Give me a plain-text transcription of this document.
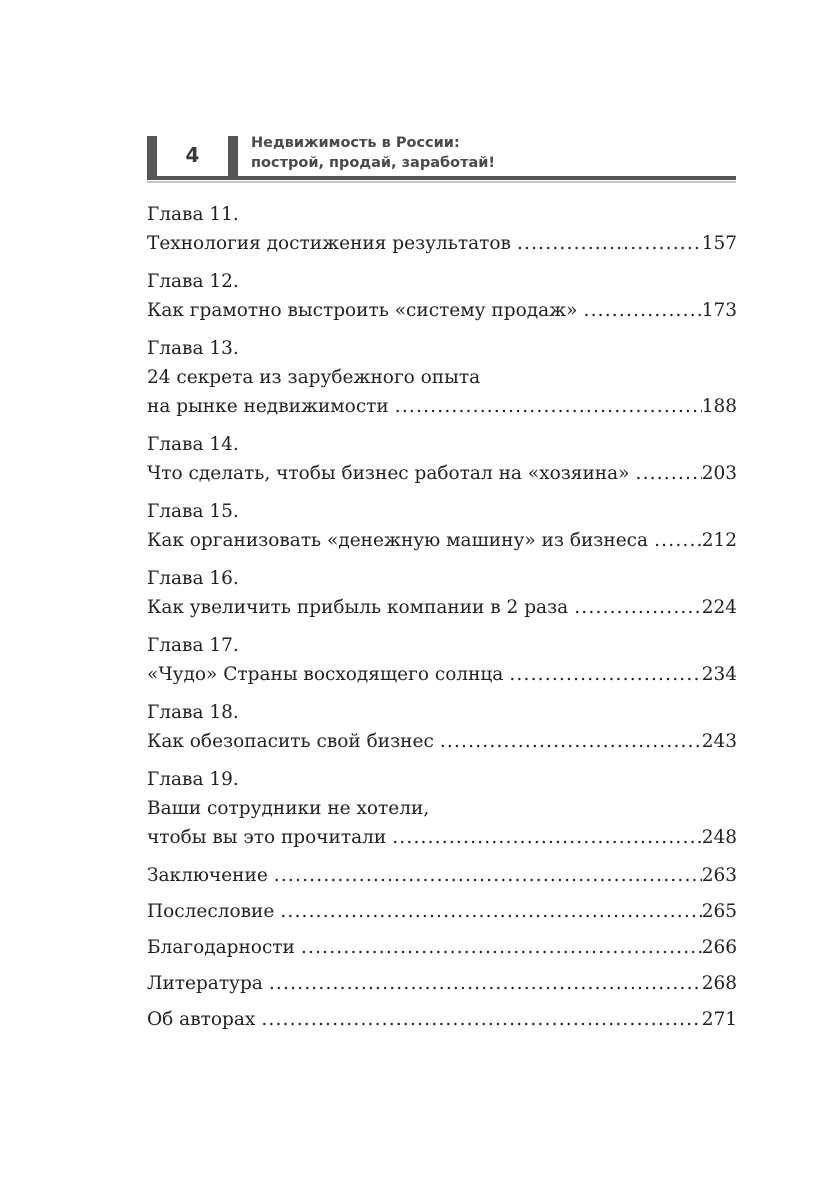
4	Недвижимость в России:
построй, продай, заработай!
Глава 11.
Технология достижения результатов .....	157
Глава 12.
Как грамотно выстроить «систему продаж» .....	173
Глава 13.
24 секрета из зарубежного опыта
на рынке недвижимости .....	188
Глава 14.
Что сделать, чтобы бизнес работал на «хозяина» .....	203
Глава 15.
Как организовать «денежную машину» из бизнеса .....	212
Глава 16.
Как увеличить прибыль компании в 2 раза .....	224
Глава 17.
«Чудо» Страны восходящего солнца .....	234
Глава 18.
Как обезопасить свой бизнес .....	243
Глава 19.
Ваши сотрудники не хотели,
чтобы вы это прочитали .....	248
Заключение .....	263
Послесловие .....	265
Благодарности .....	266
Литература .....	268
Об авторах .....	271
